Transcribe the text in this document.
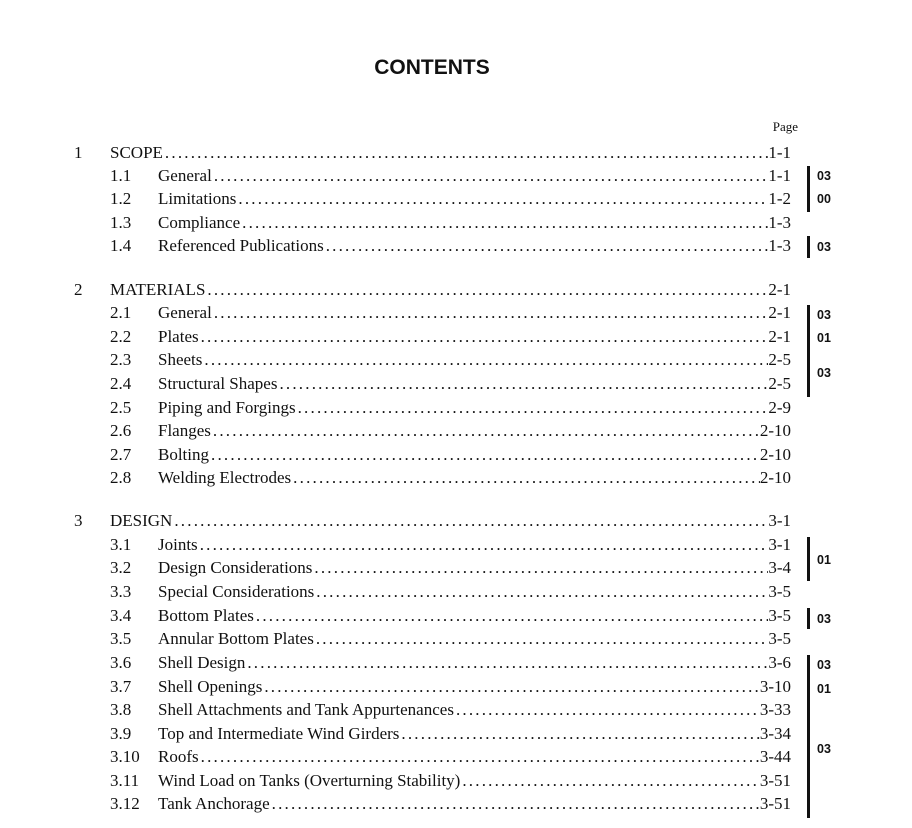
CONTENTS
Page
1 SCOPE .....	1-1
1.1 General .....	1-1
1.2 Limitations .....	1-2
1.3 Compliance .....	1-3
1.4 Referenced Publications .....	1-3
2 MATERIALS .....	2-1
2.1 General .....	2-1
2.2 Plates .....	2-1
2.3 Sheets .....	2-5
2.4 Structural Shapes .....	2-5
2.5 Piping and Forgings .....	2-9
2.6 Flanges .....	2-10
2.7 Bolting .....	2-10
2.8 Welding Electrodes .....	2-10
3 DESIGN .....	3-1
3.1 Joints .....	3-1
3.2 Design Considerations .....	3-4
3.3 Special Considerations .....	3-5
3.4 Bottom Plates .....	3-5
3.5 Annular Bottom Plates .....	3-5
3.6 Shell Design .....	3-6
3.7 Shell Openings .....	3-10
3.8 Shell Attachments and Tank Appurtenances .....	3-33
3.9 Top and Intermediate Wind Girders .....	3-34
3.10 Roofs .....	3-44
3.11 Wind Load on Tanks (Overturning Stability) .....	3-51
3.12 Tank Anchorage .....	3-51
03
00
03
03
01
03
01
03
03
01
03
